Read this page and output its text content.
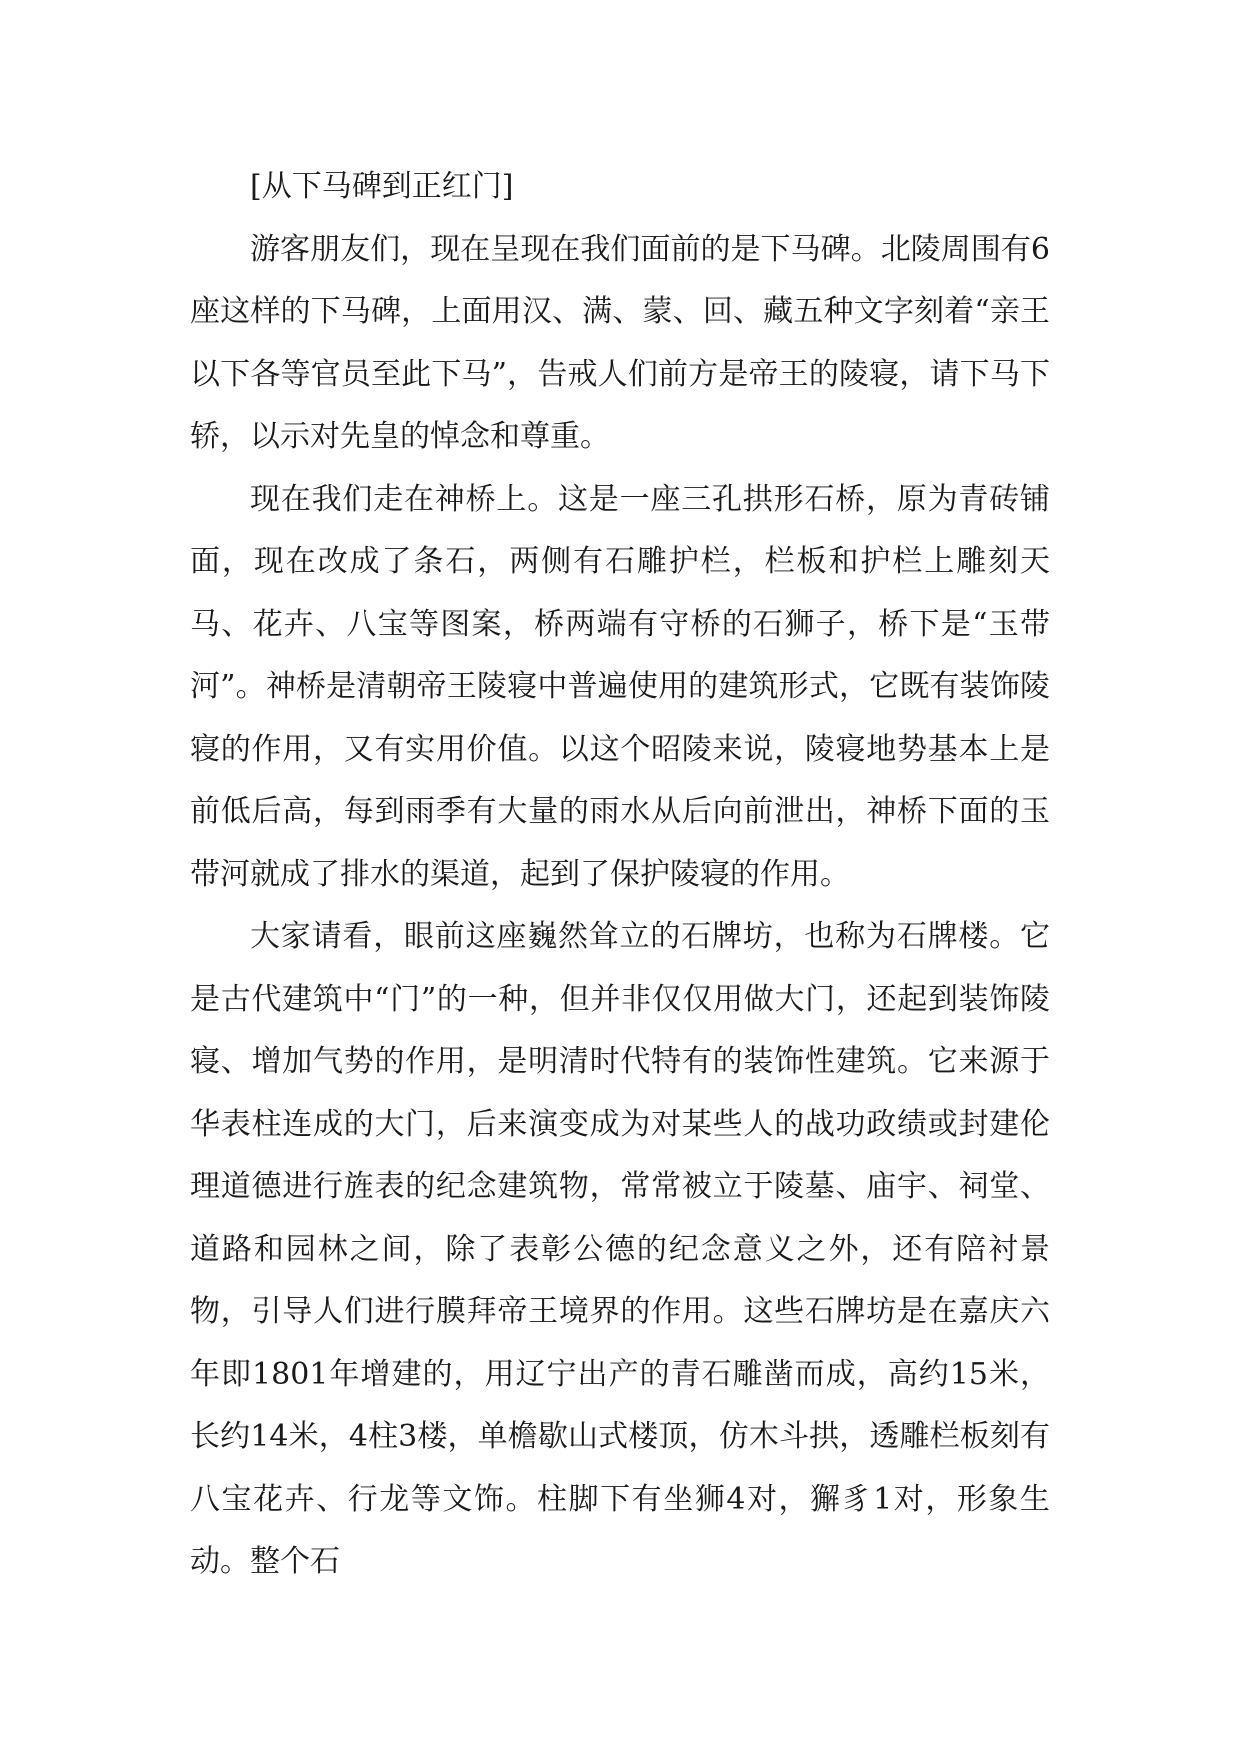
[从下马碑到正红门]

游客朋友们，现在呈现在我们面前的是下马碑。北陵周围有6座这样的下马碑，上面用汉、满、蒙、回、藏五种文字刻着“亲王以下各等官员至此下马”，告戒人们前方是帝王的陵寝，请下马下轿，以示对先皇的悼念和尊重。

现在我们走在神桥上。这是一座三孔拱形石桥，原为青砖铺面，现在改成了条石，两侧有石雕护栏，栏板和护栏上雕刻天马、花卉、八宝等图案，桥两端有守桥的石狮子，桥下是“玉带河”。神桥是清朝帝王陵寝中普遍使用的建筑形式，它既有装饰陵寝的作用，又有实用价值。以这个昭陵来说，陵寝地势基本上是前低后高，每到雨季有大量的雨水从后向前泄出，神桥下面的玉带河就成了排水的渠道，起到了保护陵寝的作用。

大家请看，眼前这座巍然耸立的石牌坊，也称为石牌楼。它是古代建筑中“门”的一种，但并非仅仅用做大门，还起到装饰陵寝、增加气势的作用，是明清时代特有的装饰性建筑。它来源于华表柱连成的大门，后来演变成为对某些人的战功政绩或封建伦理道德进行旌表的纪念建筑物，常常被立于陵墓、庙宇、祠堂、道路和园林之间，除了表彰公德的纪念意义之外，还有陪衬景物，引导人们进行膜拜帝王境界的作用。这些石牌坊是在嘉庆六年即1801年增建的，用辽宁出产的青石雕凿而成，高约15米，长约14米，4柱3楼，单檐歇山式楼顶，仿木斗拱，透雕栏板刻有八宝花卉、行龙等文饰。柱脚下有坐狮4对，獬豸1对，形象生动。整个石
